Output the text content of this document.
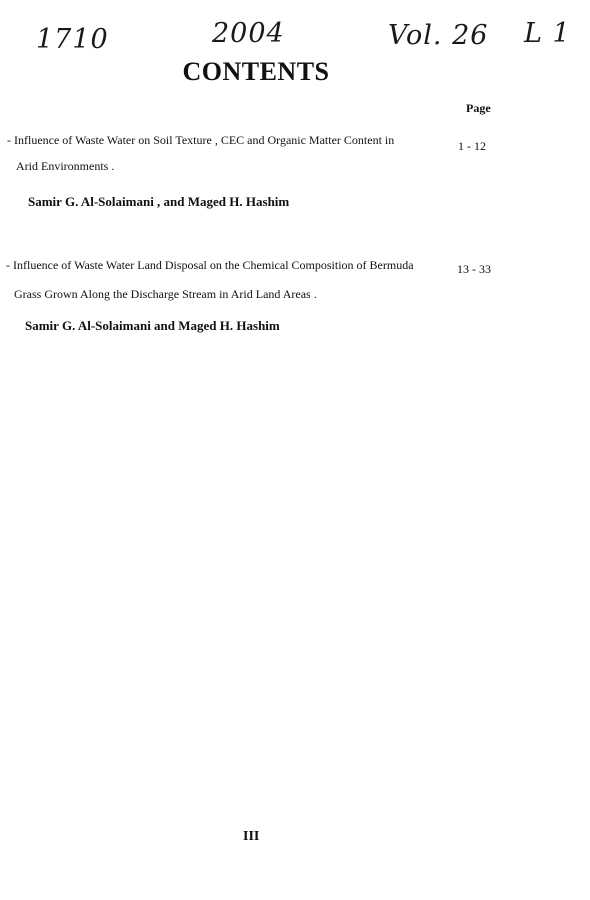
1710	2004	Vol. 26 L 1
CONTENTS
Page
- Influence of Waste Water on Soil Texture , CEC and Organic Matter Content in
Arid Environments .
Samir G. Al-Solaimani , and Maged H. Hashim
1 - 12
- Influence of Waste Water Land Disposal on the Chemical Composition of Bermuda
Grass Grown Along the Discharge Stream in Arid Land Areas .
Samir G. Al-Solaimani and Maged H. Hashim
13 - 33
III
